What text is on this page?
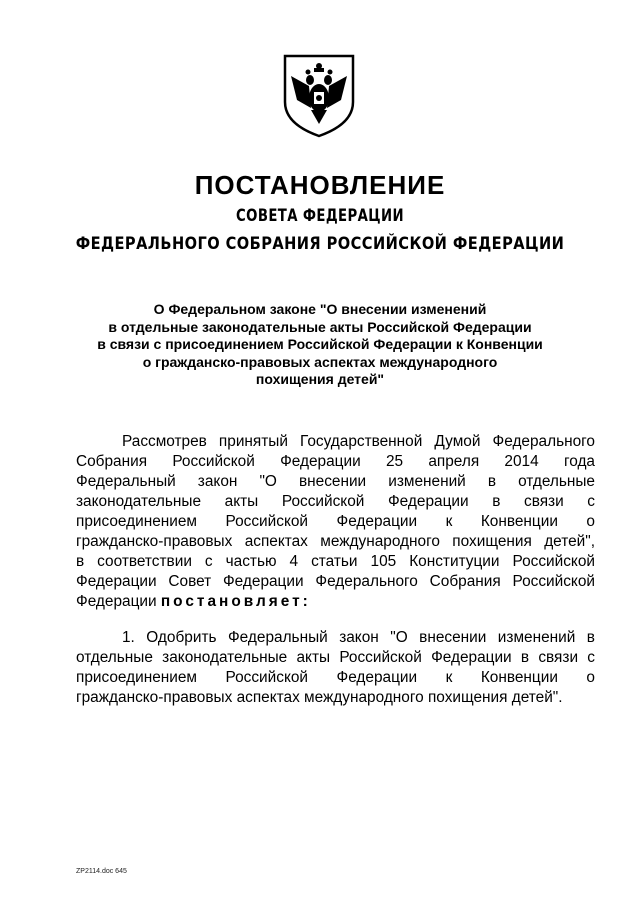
ПОСТАНОВЛЕНИЕ
СОВЕТА ФЕДЕРАЦИИ
ФЕДЕРАЛЬНОГО СОБРАНИЯ РОССИЙСКОЙ ФЕДЕРАЦИИ
О Федеральном законе "О внесении изменений
в отдельные законодательные акты Российской Федерации
в связи с присоединением Российской Федерации к Конвенции
о гражданско-правовых аспектах международного
похищения детей"
Рассмотрев принятый Государственной Думой Федерального
Собрания Российской Федерации 25 апреля 2014 года
Федеральный закон "О внесении изменений в отдельные
законодательные акты Российской Федерации в связи с
присоединением Российской Федерации к Конвенции о
гражданско-правовых аспектах международного похищения детей",
в соответствии с частью 4 статьи 105 Конституции Российской
Федерации Совет Федерации Федерального Собрания Российской
Федерации постановляет:
1. Одобрить Федеральный закон "О внесении изменений в
отдельные законодательные акты Российской Федерации в связи с
присоединением Российской Федерации к Конвенции о
гражданско-правовых аспектах международного похищения детей".
ZP2114.doc 645
